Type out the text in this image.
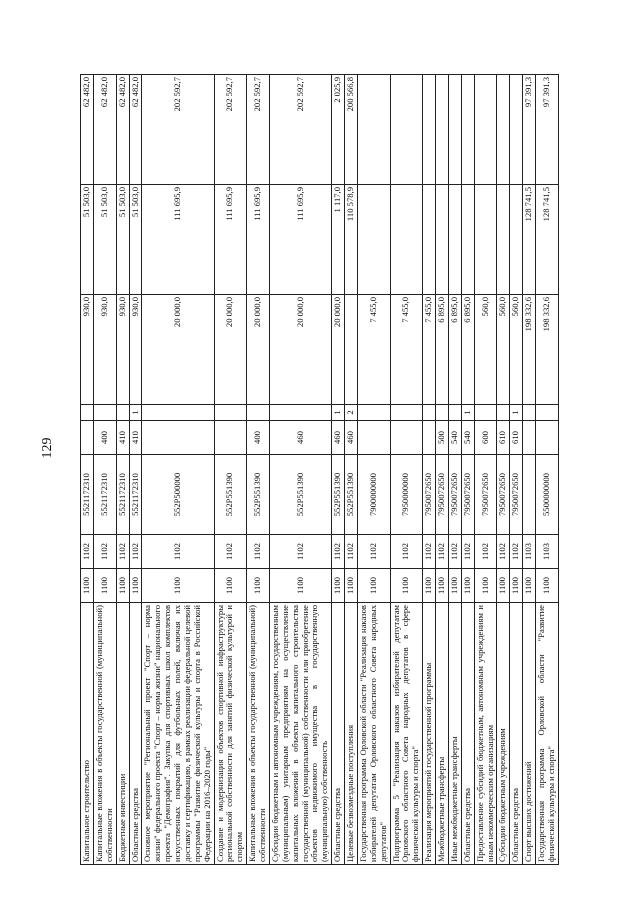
129
Капитальное строительство	1100	1102	5521172310			930,0	51 503,0	62 482,0
Капитальные вложения в объекты государственной (муниципальной) собственности	1100	1102	5521172310	400		930,0	51 503,0	62 482,0
Бюджетные инвестиции	1100	1102	5521172310	410		930,0	51 503,0	62 482,0
Областные средства	1100	1102	5521172310	410	1	930,0	51 503,0	62 482,0
Основное мероприятие "Региональный проект "Спорт – норма жизни" федерального проекта "Спорт – норма жизни" национального проекта "Демография". Закупка для спортивных школ комплектов искусственных покрытий для футбольных полей, включая их доставку и сертификацию, в рамках реализации федеральной целевой программы "Развитие физической культуры и спорта в Российской Федерации на 2016–2020 годы"	1100	1102	552P500000			20 000,0	111 695,9	202 592,7
Создание и модернизация объектов спортивной инфраструктуры региональной собственности для занятий физической культурой и спортом	1100	1102	552P551390			20 000,0	111 695,9	202 592,7
Капитальные вложения в объекты государственной (муниципальной) собственности	1100	1102	552P551390	400		20 000,0	111 695,9	202 592,7
Субсидии бюджетным и автономным учреждениям, государственным (муниципальным) унитарным предприятиям на осуществление капитальных вложений в объекты капитального строительства государственной (муниципальной) собственности или приобретение объектов недвижимого имущества в государственную (муниципальную) собственность	1100	1102	552P551390	460		20 000,0	111 695,9	202 592,7
Областные средства	1100	1102	552P551390	460	1	20 000,0	1 117,0	2 025,9
Целевые безвозмездные поступления	1100	1102	552P551390	460	2		110 578,9	200 566,8
Государственная программа Орловской области "Реализация наказов избирателей депутатам Орловского областного Совета народных депутатов"	1100	1102	7900000000			7 455,0		
Подпрограмма 5 "Реализация наказов избирателей депутатам Орловского областного Совета народных депутатов в сфере физической культуры и спорта"	1100	1102	7950000000			7 455,0		
Реализация мероприятий государственной программы	1100	1102	7950072650			7 455,0		
Межбюджетные трансферты	1100	1102	7950072650	500		6 895,0		
Иные межбюджетные трансферты	1100	1102	7950072650	540		6 895,0		
Областные средства	1100	1102	7950072650	540	1	6 895,0		
Предоставление субсидий бюджетным, автономным учреждениям и иным некоммерческим организациям	1100	1102	7950072650	600		560,0		
Субсидии бюджетным учреждениям	1100	1102	7950072650	610		560,0		
Областные средства	1100	1102	7950072650	610	1	560,0		
Спорт высших достижений	1100	1103				198 332,6	128 741,5	97 391,3
Государственная программа Орловской области "Развитие физической культуры и спорта"	1100	1103	5500000000			198 332,6	128 741,5	97 391,3
